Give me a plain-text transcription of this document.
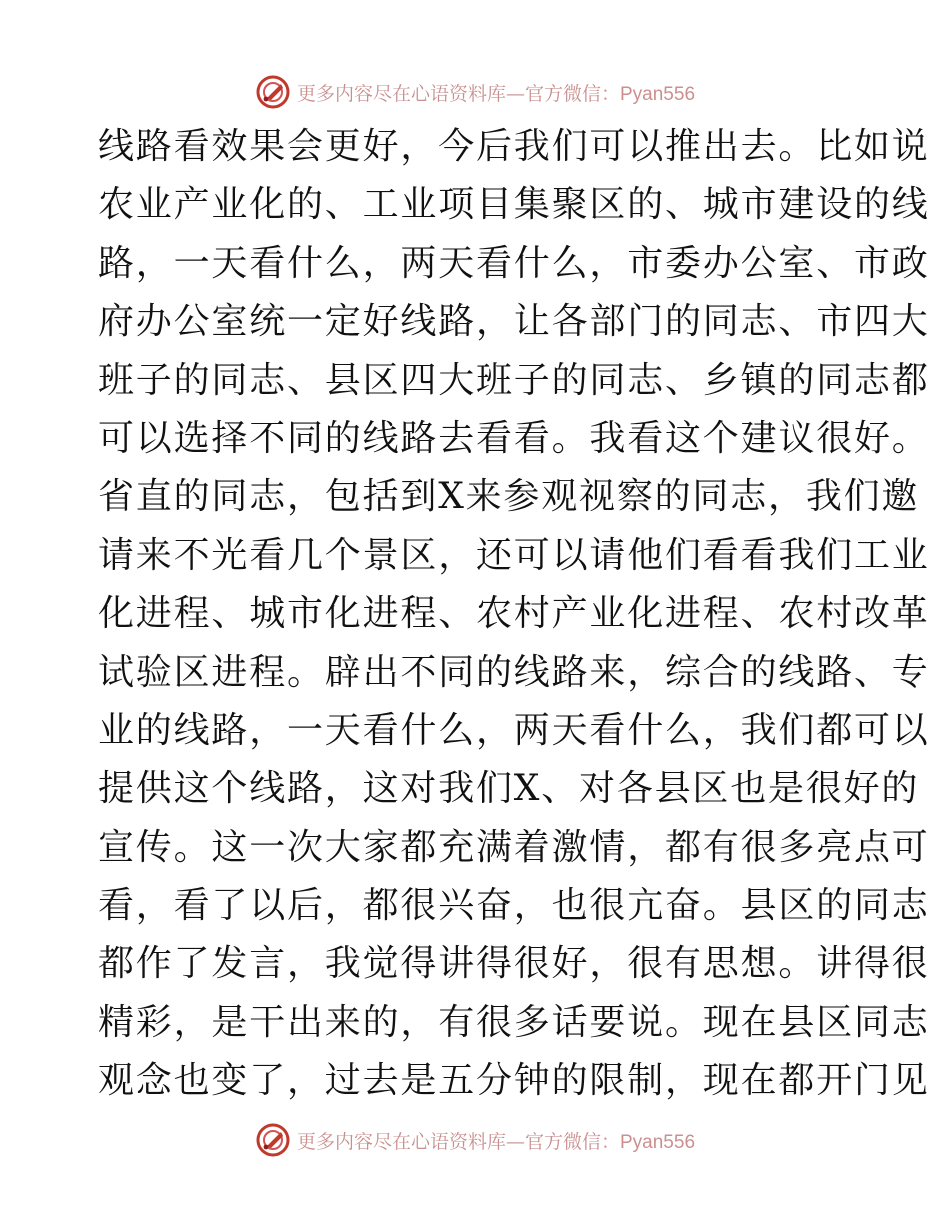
更多内容尽在心语资料库—官方微信：Pyan556
线路看效果会更好，今后我们可以推出去。比如说
农业产业化的、工业项目集聚区的、城市建设的线
路，一天看什么，两天看什么，市委办公室、市政
府办公室统一定好线路，让各部门的同志、市四大
班子的同志、县区四大班子的同志、乡镇的同志都
可以选择不同的线路去看看。我看这个建议很好。
省直的同志，包括到X来参观视察的同志，我们邀
请来不光看几个景区，还可以请他们看看我们工业
化进程、城市化进程、农村产业化进程、农村改革
试验区进程。辟出不同的线路来，综合的线路、专
业的线路，一天看什么，两天看什么，我们都可以
提供这个线路，这对我们X、对各县区也是很好的
宣传。这一次大家都充满着激情，都有很多亮点可
看，看了以后，都很兴奋，也很亢奋。县区的同志
都作了发言，我觉得讲得很好，很有思想。讲得很
精彩，是干出来的，有很多话要说。现在县区同志
观念也变了，过去是五分钟的限制，现在都开门见
更多内容尽在心语资料库—官方微信：Pyan556
